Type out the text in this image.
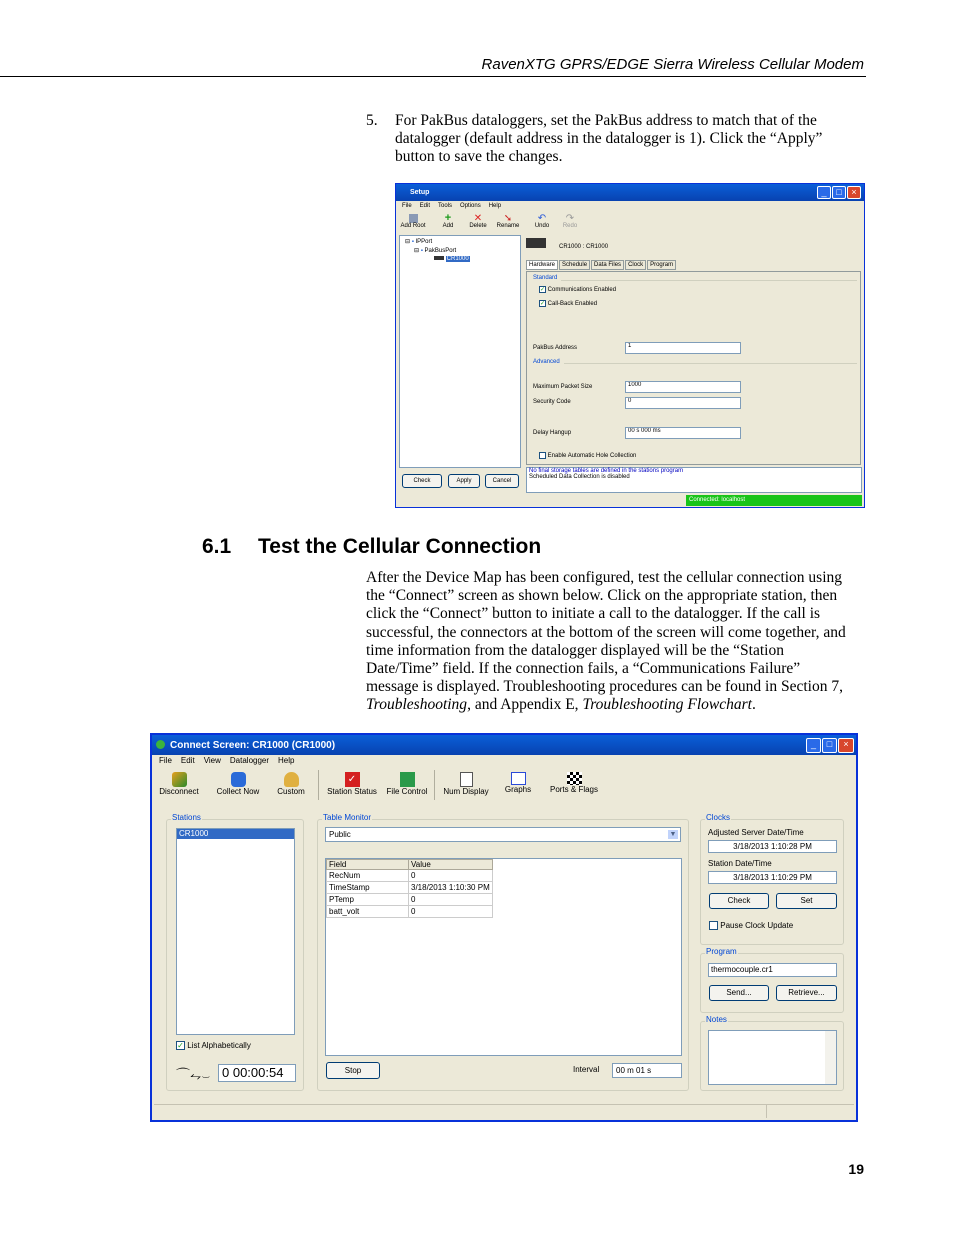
RavenXTG GPRS/EDGE Sierra Wireless Cellular Modem
5. For PakBus dataloggers, set the PakBus address to match that of the
datalogger (default address in the datalogger is 1). Click the “Apply”
button to save the changes.
Setup	_	□	×
File Edit Tools Options Help
Add Root
+
Add
✕
Delete
➘
Rename
↶
Undo
↷
Redo
⊟ ▪ IPPort
⊟ ▪ PakBusPort
CR1000
Check	Apply	Cancel
CR1000 : CR1000
Hardware	Schedule	Data Files	Clock	Program
Standard
✓ Communications Enabled
✓ Call-Back Enabled
PakBus Address	1
Advanced
Maximum Packet Size	1000
Security Code	0
Delay Hangup	00 s 000 ms
Enable Automatic Hole Collection
No final storage tables are defined in the stations program
Scheduled Data Collection is disabled
Connected: localhost
6.1 Test the Cellular Connection
After the Device Map has been configured, test the cellular connection using
the “Connect” screen as shown below. Click on the appropriate station, then
click the “Connect” button to initiate a call to the datalogger. If the call is
successful, the connectors at the bottom of the screen will come together, and
time information from the datalogger displayed will be the “Station
Date/Time” field. If the connection fails, a “Communications Failure”
message is displayed. Troubleshooting procedures can be found in Section 7,
Troubleshooting, and Appendix E, Troubleshooting Flowchart.
Connect Screen: CR1000 (CR1000)	_	□	×
File Edit View Datalogger Help
Disconnect	Collect Now	Custom
✓
Station Status	File Control	Num Display	Graphs	Ports & Flags
Stations
CR1000
✓ List Alphabetically
⌒⥊⌣ 0 00:00:54
Table Monitor
Public	▼
Field	Value
RecNum	0
TimeStamp	3/18/2013 1:10:30 PM
PTemp	0
batt_volt	0
Stop	Interval	00 m 01 s
Clocks
Adjusted Server Date/Time
3/18/2013 1:10:28 PM
Station Date/Time
3/18/2013 1:10:29 PM
Check	Set
Pause Clock Update
Program
thermocouple.cr1
Send...	Retrieve...
Notes
19
